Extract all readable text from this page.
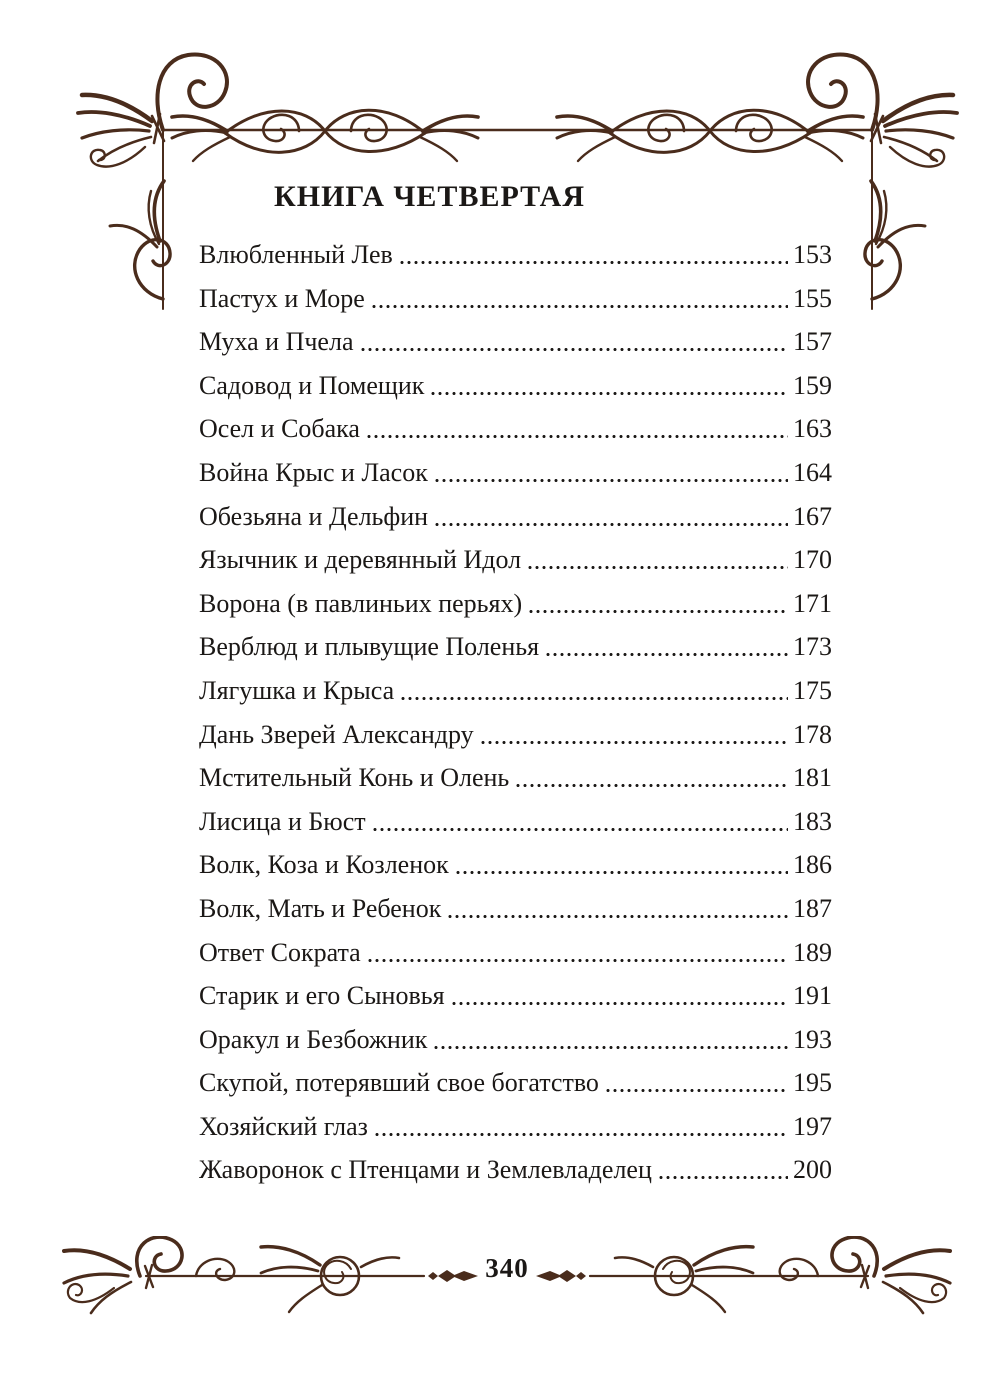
КНИГА ЧЕТВЕРТАЯ
Влюбленный Лев	153
Пастух и Море	155
Муха и Пчела	157
Садовод и Помещик	159
Осел и Собака	163
Война Крыс и Ласок	164
Обезьяна и Дельфин	167
Язычник и деревянный Идол	170
Ворона (в павлиньих перьях)	171
Верблюд и плывущие Поленья	173
Лягушка и Крыса	175
Дань Зверей Александру	178
Мстительный Конь и Олень	181
Лисица и Бюст	183
Волк, Коза и Козленок	186
Волк, Мать и Ребенок	187
Ответ Сократа	189
Старик и его Сыновья	191
Оракул и Безбожник	193
Скупой, потерявший свое богатство	195
Хозяйский глаз	197
Жаворонок с Птенцами и Землевладелец	200
340
